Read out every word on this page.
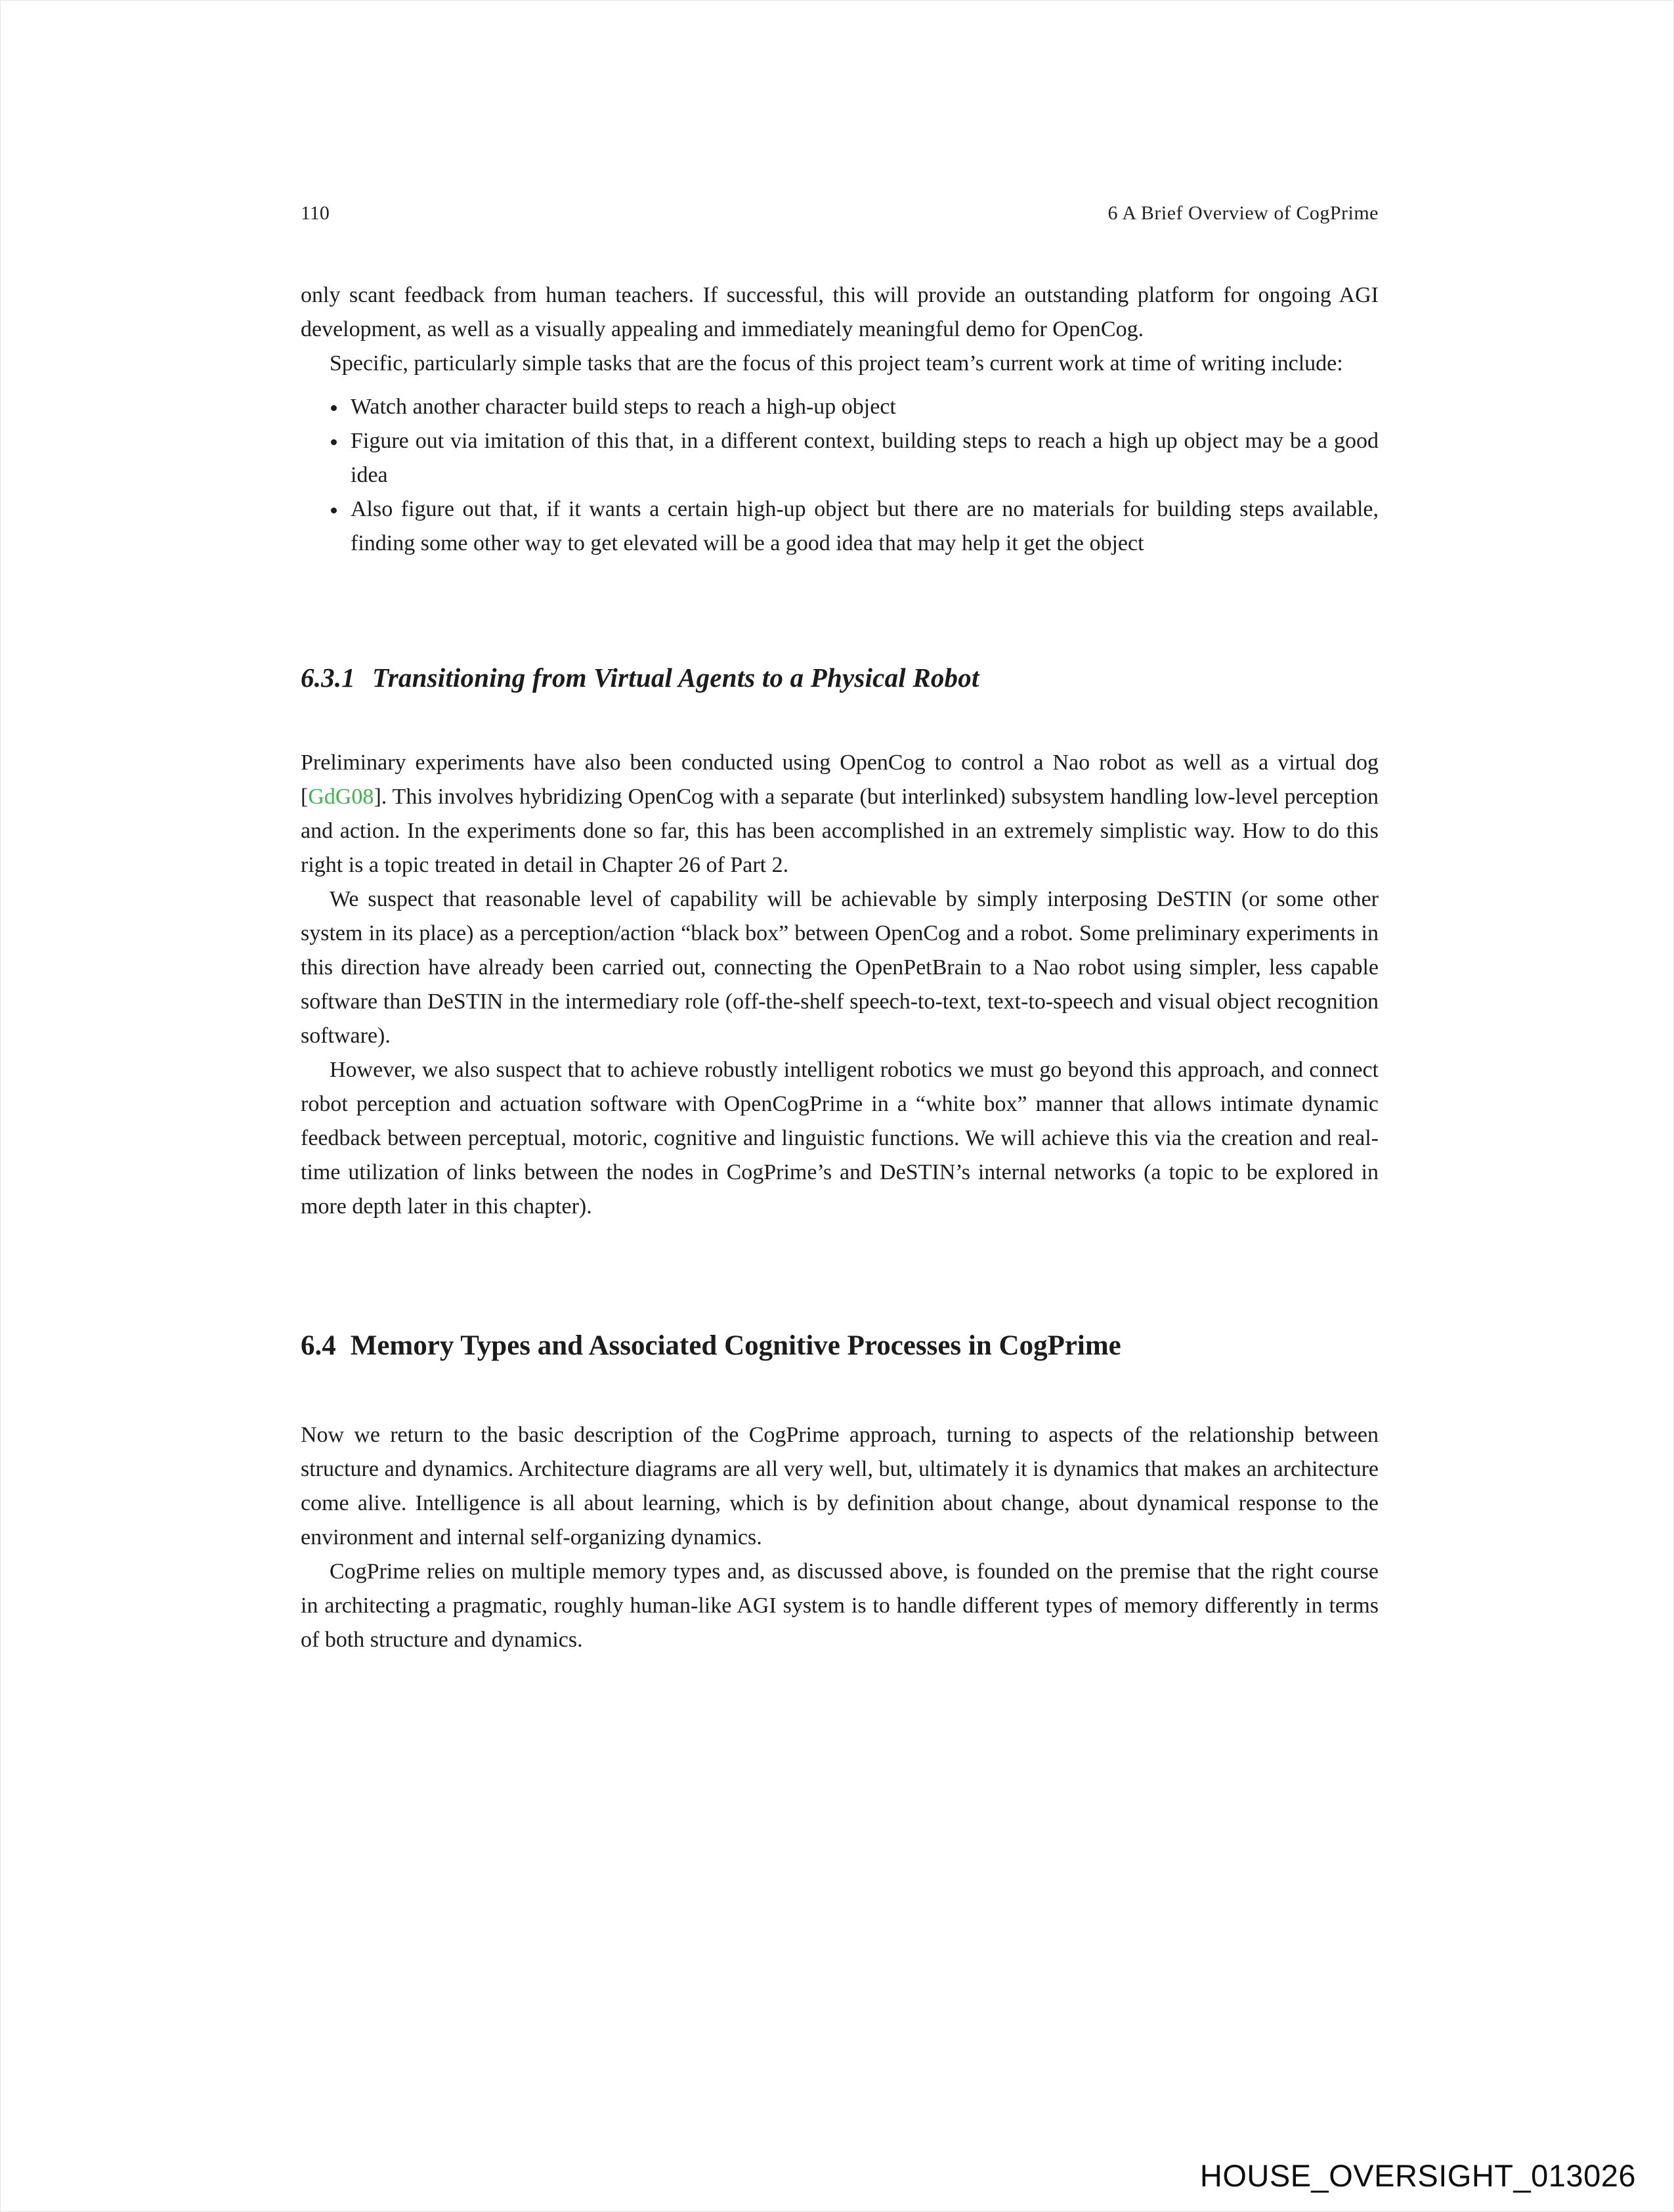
110	6 A Brief Overview of CogPrime

only scant feedback from human teachers. If successful, this will provide an outstanding platform for ongoing AGI development, as well as a visually appealing and immediately meaningful demo for OpenCog.

Specific, particularly simple tasks that are the focus of this project team’s current work at time of writing include:

• Watch another character build steps to reach a high-up object
• Figure out via imitation of this that, in a different context, building steps to reach a high up object may be a good idea
• Also figure out that, if it wants a certain high-up object but there are no materials for building steps available, finding some other way to get elevated will be a good idea that may help it get the object
6.3.1 Transitioning from Virtual Agents to a Physical Robot

Preliminary experiments have also been conducted using OpenCog to control a Nao robot as well as a virtual dog [GdG08]. This involves hybridizing OpenCog with a separate (but interlinked) subsystem handling low-level perception and action. In the experiments done so far, this has been accomplished in an extremely simplistic way. How to do this right is a topic treated in detail in Chapter 26 of Part 2.

We suspect that reasonable level of capability will be achievable by simply interposing DeSTIN (or some other system in its place) as a perception/action “black box” between OpenCog and a robot. Some preliminary experiments in this direction have already been carried out, connecting the OpenPetBrain to a Nao robot using simpler, less capable software than DeSTIN in the intermediary role (off-the-shelf speech-to-text, text-to-speech and visual object recognition software).

However, we also suspect that to achieve robustly intelligent robotics we must go beyond this approach, and connect robot perception and actuation software with OpenCogPrime in a “white box” manner that allows intimate dynamic feedback between perceptual, motoric, cognitive and linguistic functions. We will achieve this via the creation and real-time utilization of links between the nodes in CogPrime’s and DeSTIN’s internal networks (a topic to be explored in more depth later in this chapter).

6.4 Memory Types and Associated Cognitive Processes in CogPrime

Now we return to the basic description of the CogPrime approach, turning to aspects of the relationship between structure and dynamics. Architecture diagrams are all very well, but, ultimately it is dynamics that makes an architecture come alive. Intelligence is all about learning, which is by definition about change, about dynamical response to the environment and internal self-organizing dynamics.

CogPrime relies on multiple memory types and, as discussed above, is founded on the premise that the right course in architecting a pragmatic, roughly human-like AGI system is to handle different types of memory differently in terms of both structure and dynamics.

HOUSE_OVERSIGHT_013026
